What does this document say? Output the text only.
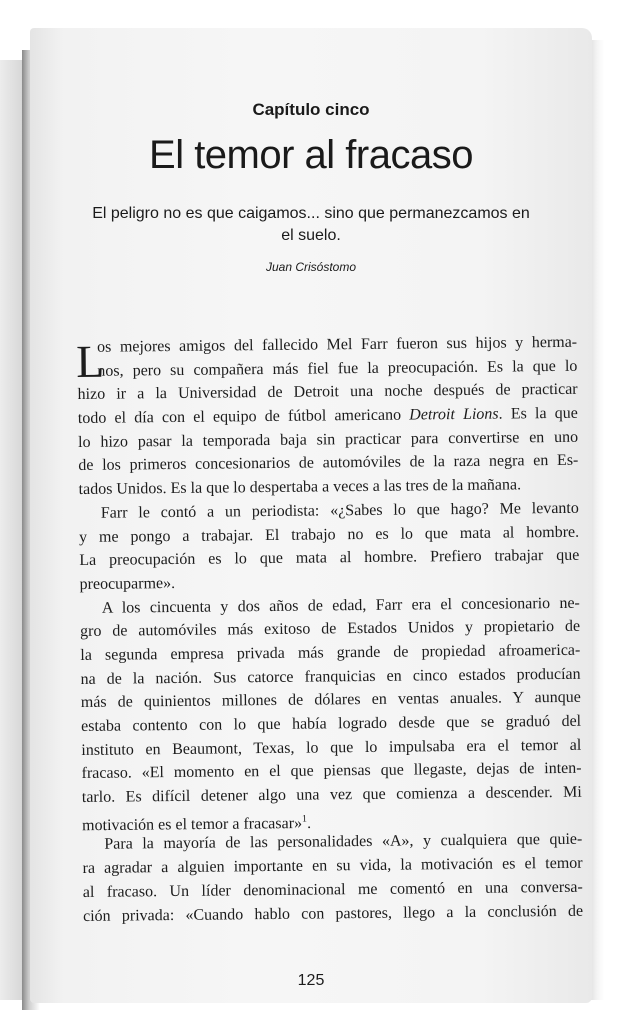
Capítulo cinco
El temor al fracaso
El peligro no es que caigamos... sino que permanezcamos en el suelo.
Juan Crisóstomo
L
os mejores amigos del fallecido Mel Farr fueron sus hijos y herma-
nos, pero su compañera más fiel fue la preocupación. Es la que lo
hizo ir a la Universidad de Detroit una noche después de practicar
todo el día con el equipo de fútbol americano Detroit Lions. Es la que
lo hizo pasar la temporada baja sin practicar para convertirse en uno
de los primeros concesionarios de automóviles de la raza negra en Es-
tados Unidos. Es la que lo despertaba a veces a las tres de la mañana.
Farr le contó a un periodista: «¿Sabes lo que hago? Me levanto
y me pongo a trabajar. El trabajo no es lo que mata al hombre.
La preocupación es lo que mata al hombre. Prefiero trabajar que
preocuparme».
A los cincuenta y dos años de edad, Farr era el concesionario ne-
gro de automóviles más exitoso de Estados Unidos y propietario de
la segunda empresa privada más grande de propiedad afroamerica-
na de la nación. Sus catorce franquicias en cinco estados producían
más de quinientos millones de dólares en ventas anuales. Y aunque
estaba contento con lo que había logrado desde que se graduó del
instituto en Beaumont, Texas, lo que lo impulsaba era el temor al
fracaso. «El momento en el que piensas que llegaste, dejas de inten-
tarlo. Es difícil detener algo una vez que comienza a descender. Mi
motivación es el temor a fracasar»$^1$.
Para la mayoría de las personalidades «A», y cualquiera que quie-
ra agradar a alguien importante en su vida, la motivación es el temor
al fracaso. Un líder denominacional me comentó en una conversa-
ción privada: «Cuando hablo con pastores, llego a la conclusión de
125
